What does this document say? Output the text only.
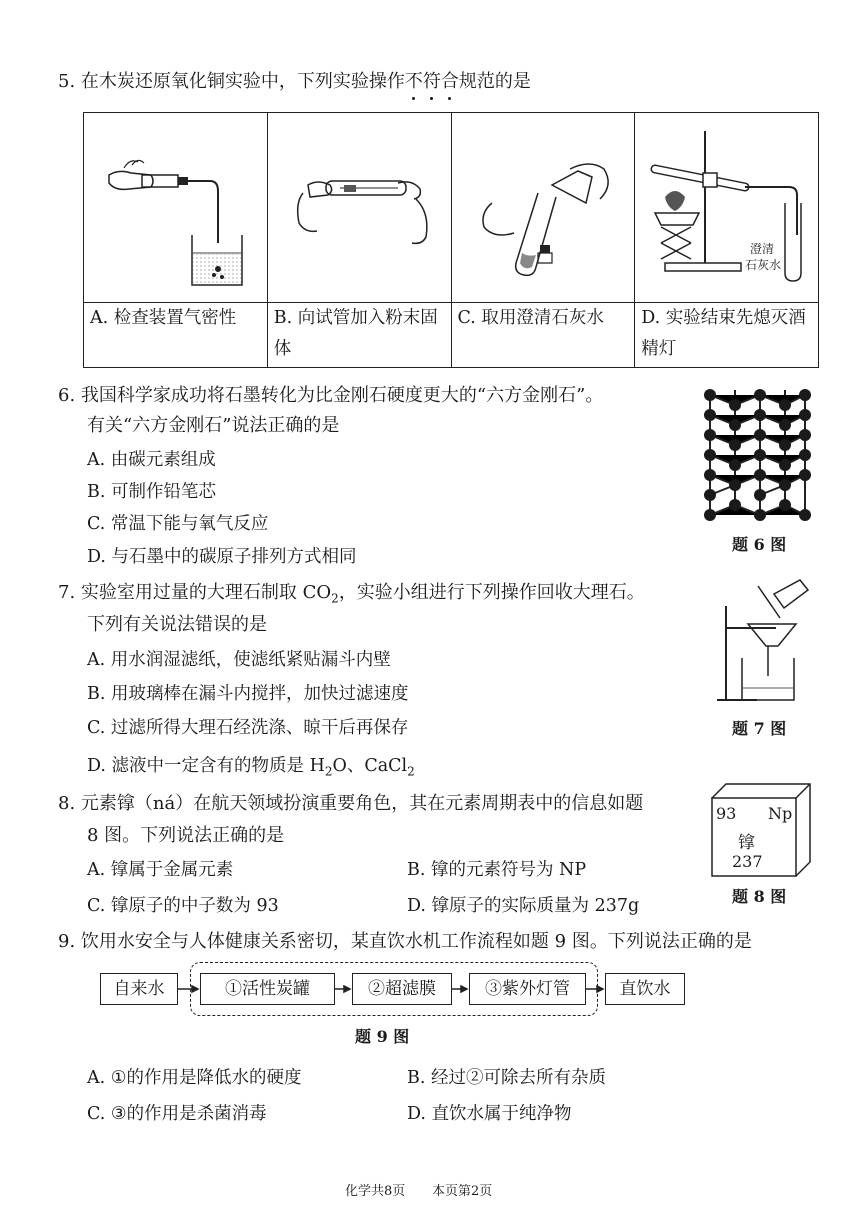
5. 在木炭还原氧化铜实验中，下列实验操作不符合规范的是

澄清
石灰水

A. 检查装置气密性	B. 向试管加入粉末固体	C. 取用澄清石灰水	D. 实验结束先熄灭酒精灯
6. 我国科学家成功将石墨转化为比金刚石硬度更大的“六方金刚石”。
有关“六方金刚石”说法正确的是
A. 由碳元素组成
B. 可制作铅笔芯
C. 常温下能与氧气反应
D. 与石墨中的碳原子排列方式相同
题 6 图
7. 实验室用过量的大理石制取 $CO_2$，实验小组进行下列操作回收大理石。
下列有关说法错误的是
A. 用水润湿滤纸，使滤纸紧贴漏斗内壁
B. 用玻璃棒在漏斗内搅拌，加快过滤速度
C. 过滤所得大理石经洗涤、晾干后再保存
D. 滤液中一定含有的物质是 $H_2O$、CaCl$_2$
题 7 图
8. 元素镎（ná）在航天领域扮演重要角色，其在元素周期表中的信息如题
8 图。下列说法正确的是
A. 镎属于金属元素	B. 镎的元素符号为 NP
C. 镎原子的中子数为 93	D. 镎原子的实际质量为 237g
93 Np
镎
237
题 8 图
9. 饮用水安全与人体健康关系密切，某直饮水机工作流程如题 9 图。下列说法正确的是
自来水	①活性炭罐	②超滤膜	③紫外灯管	直饮水
题 9 图
A. ①的作用是降低水的硬度	B. 经过②可除去所有杂质
C. ③的作用是杀菌消毒	D. 直饮水属于纯净物
化学共8页 本页第2页
